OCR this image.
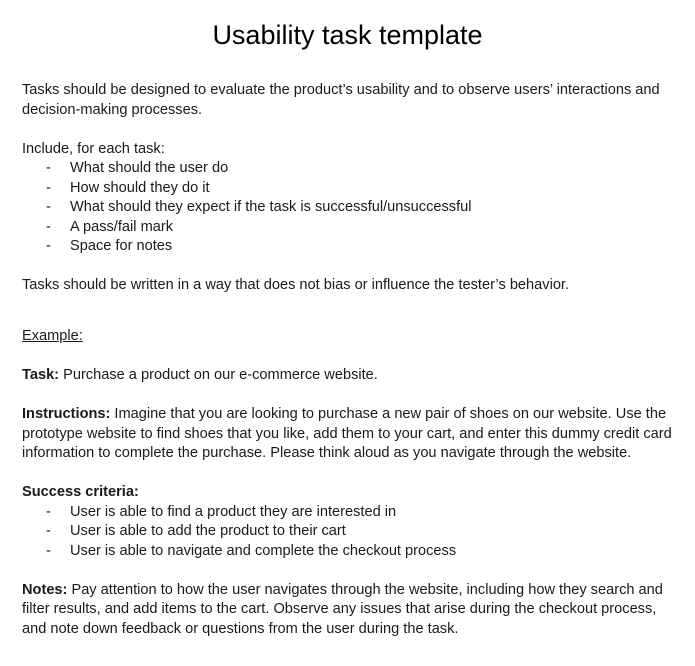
Usability task template

Tasks should be designed to evaluate the product’s usability and to observe users’ interactions and decision-making processes.

Include, for each task:

- What should the user do
- How should they do it
- What should they expect if the task is successful/unsuccessful
- A pass/fail mark
- Space for notes

Tasks should be written in a way that does not bias or influence the tester’s behavior.

Example:

Task: Purchase a product on our e-commerce website.

Instructions: Imagine that you are looking to purchase a new pair of shoes on our website. Use the prototype website to find shoes that you like, add them to your cart, and enter this dummy credit card information to complete the purchase. Please think aloud as you navigate through the website.

Success criteria:

- User is able to find a product they are interested in
- User is able to add the product to their cart
- User is able to navigate and complete the checkout process

Notes: Pay attention to how the user navigates through the website, including how they search and filter results, and add items to the cart. Observe any issues that arise during the checkout process, and note down feedback or questions from the user during the task.
